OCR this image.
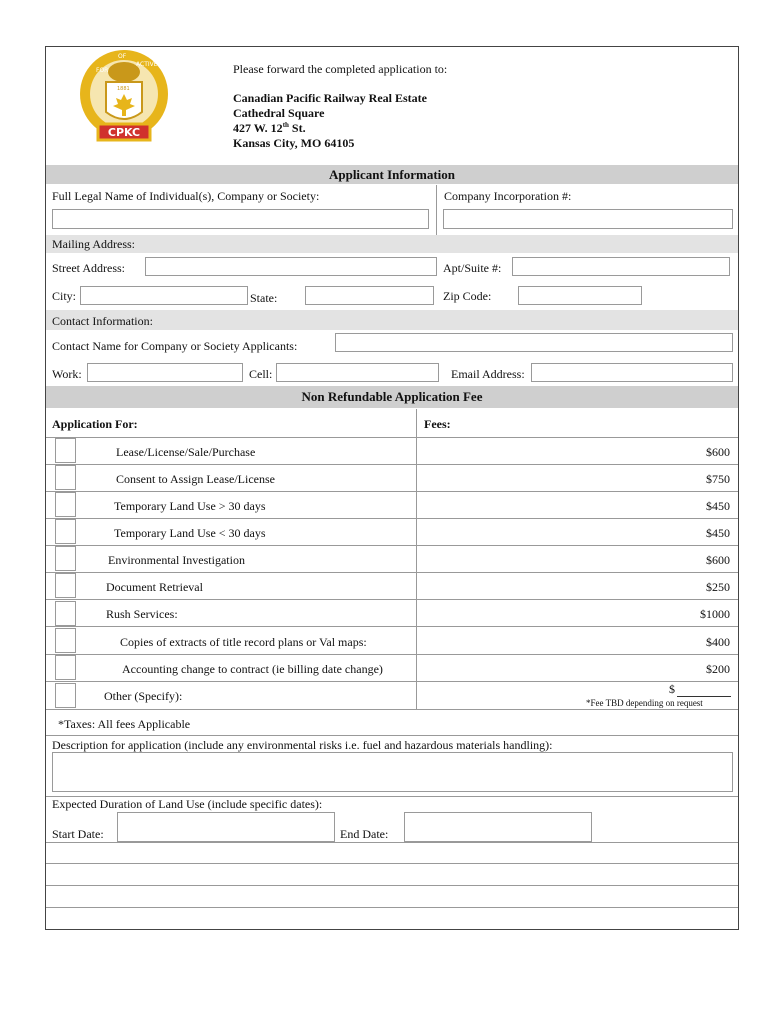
FOR
OF
ACTIVE
1881
CPKC
Please forward the completed application to:
Canadian Pacific Railway Real Estate
Cathedral Square
427 W. 12th St.
Kansas City, MO 64105
Applicant Information
Full Legal Name of Individual(s), Company or Society:	Company Incorporation #:
Mailing Address:
Street Address:	Apt/Suite #:
City:	State:	Zip Code:
Contact Information:
Contact Name for Company or Society Applicants:
Work:	Cell:	Email Address:
Non Refundable Application Fee
Application For:	Fees:
Lease/License/Sale/Purchase	$600
Consent to Assign Lease/License	$750
Temporary Land Use > 30 days	$450
Temporary Land Use < 30 days	$450
Environmental Investigation	$600
Document Retrieval	$250
Rush Services:	$1000
Copies of extracts of title record plans or Val maps:	$400
Accounting change to contract (ie billing date change)	$200
Other (Specify):	$
*Fee TBD depending on request
*Taxes: All fees Applicable
Description for application (include any environmental risks i.e. fuel and hazardous materials handling):
Expected Duration of Land Use (include specific dates):
Start Date:	End Date:
